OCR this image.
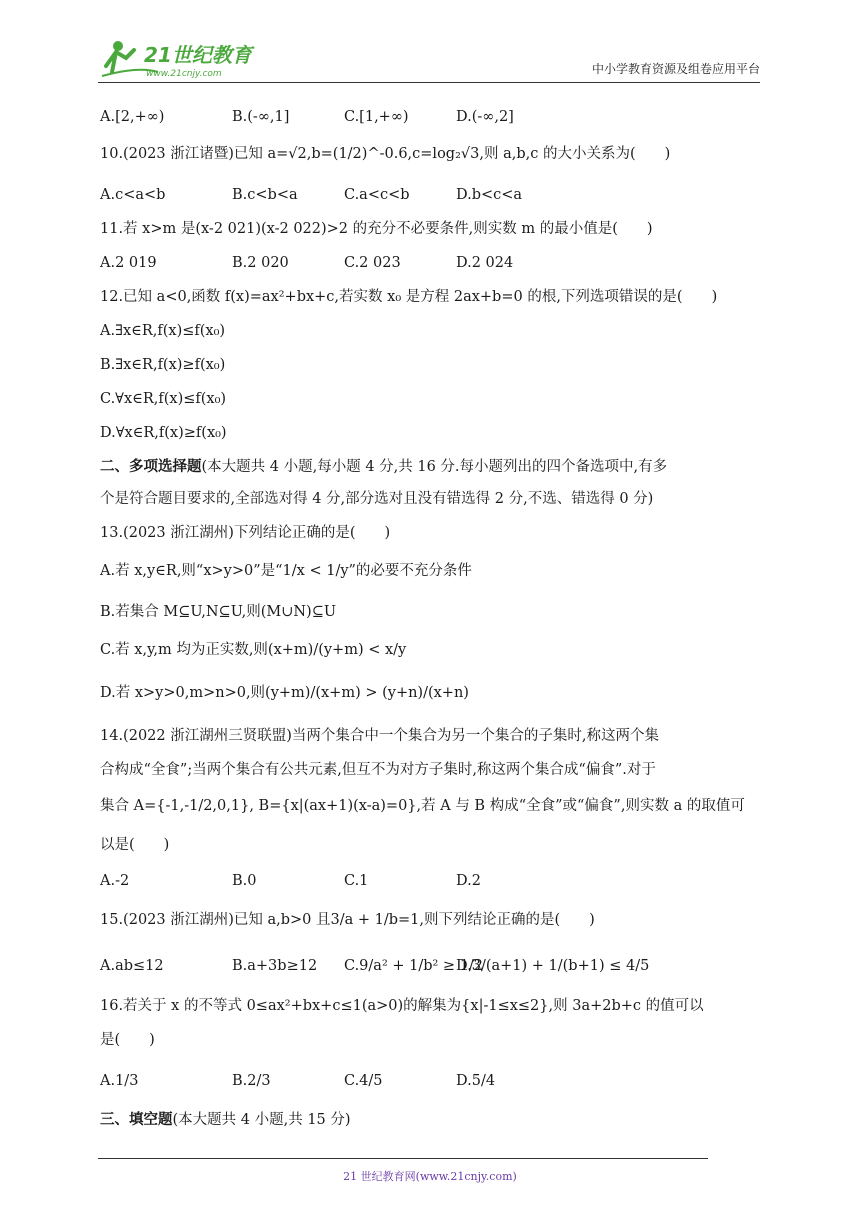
21世纪教育
www.21cnjy.com	中小学教育资源及组卷应用平台
A.[2,+∞)	B.(-∞,1]	C.[1,+∞)	D.(-∞,2]
10.(2023 浙江诸暨)已知 a=√2,b=(1/2)^-0.6,c=log₂√3,则 a,b,c 的大小关系为(　　)
A.c<a<b	B.c<b<a	C.a<c<b	D.b<c<a
11.若 x>m 是(x-2 021)(x-2 022)>2 的充分不必要条件,则实数 m 的最小值是(　　)
A.2 019	B.2 020	C.2 023	D.2 024
12.已知 a<0,函数 f(x)=ax²+bx+c,若实数 x₀ 是方程 2ax+b=0 的根,下列选项错误的是(　　)
A.∃x∈R,f(x)≤f(x₀)
B.∃x∈R,f(x)≥f(x₀)
C.∀x∈R,f(x)≤f(x₀)
D.∀x∈R,f(x)≥f(x₀)
二、多项选择题(本大题共 4 小题,每小题 4 分,共 16 分.每小题列出的四个备选项中,有多
个是符合题目要求的,全部选对得 4 分,部分选对且没有错选得 2 分,不选、错选得 0 分)
13.(2023 浙江湖州)下列结论正确的是(　　)
A.若 x,y∈R,则“x>y>0”是“1/x < 1/y”的必要不充分条件
B.若集合 M⊆U,N⊆U,则(M∪N)⊆U
C.若 x,y,m 均为正实数,则(x+m)/(y+m) < x/y
D.若 x>y>0,m>n>0,则(y+m)/(x+m) > (y+n)/(x+n)
14.(2022 浙江湖州三贤联盟)当两个集合中一个集合为另一个集合的子集时,称这两个集
合构成“全食”;当两个集合有公共元素,但互不为对方子集时,称这两个集合成“偏食”.对于
集合 A={-1,-1/2,0,1}, B={x|(ax+1)(x-a)=0},若 A 与 B 构成“全食”或“偏食”,则实数 a 的取值可
以是(　　)
A.-2	B.0	C.1	D.2
15.(2023 浙江湖州)已知 a,b>0 且3/a + 1/b=1,则下列结论正确的是(　　)
A.ab≤12	B.a+3b≥12 C.9/a² + 1/b² ≥ 1/2
D.3/(a+1) + 1/(b+1) ≤ 4/5
16.若关于 x 的不等式 0≤ax²+bx+c≤1(a>0)的解集为{x|-1≤x≤2},则 3a+2b+c 的值可以
是(　　)
A.1/3	B.2/3	C.4/5	D.5/4
三、填空题(本大题共 4 小题,共 15 分)
21 世纪教育网(www.21cnjy.com)
